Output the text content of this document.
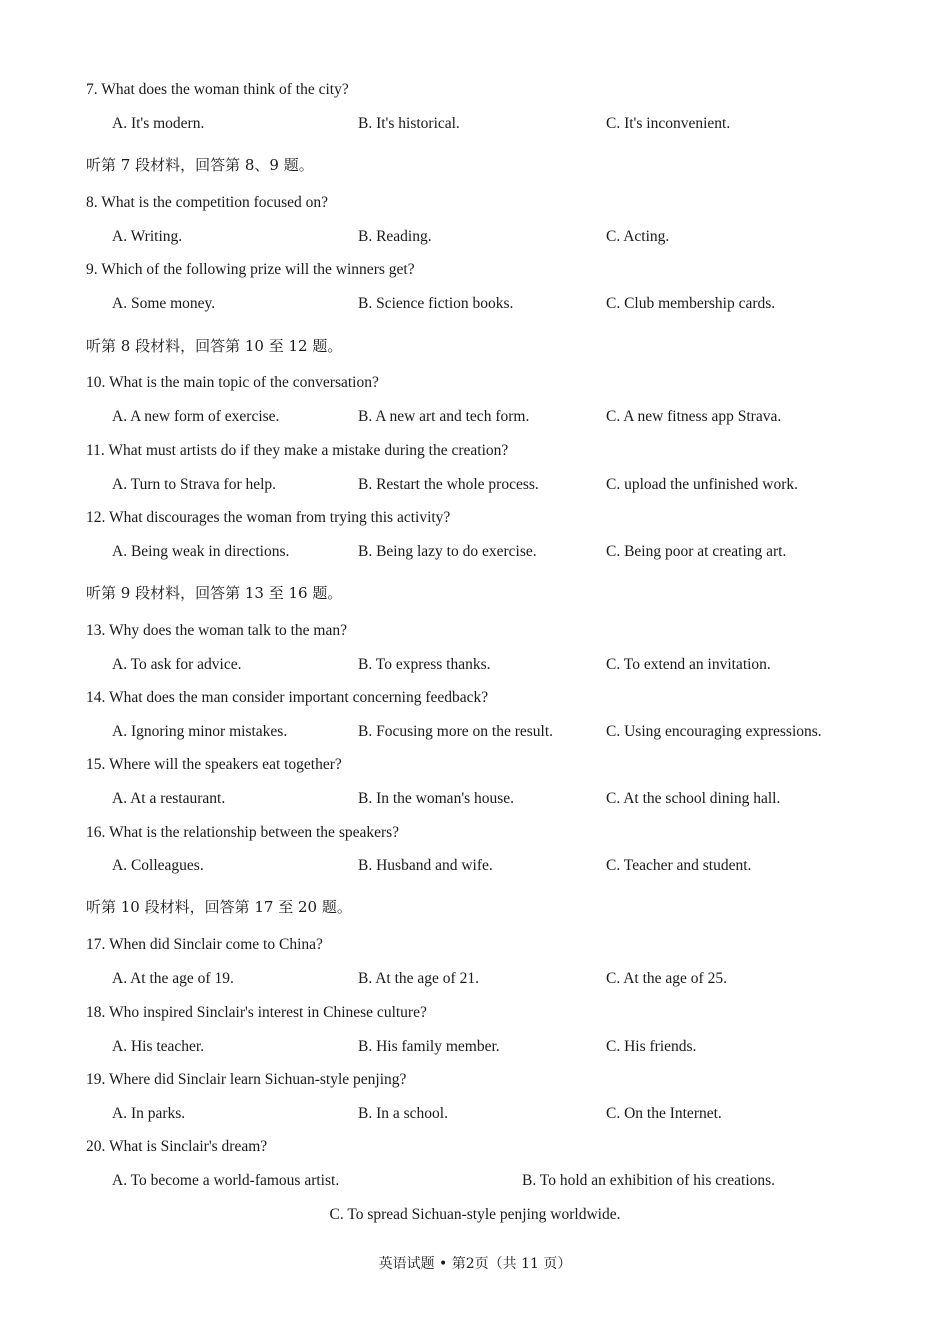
7. What does the woman think of the city?
A. It's modern.	B. It's historical.	C. It's inconvenient.
听第 7 段材料，回答第 8、9 题。
8. What is the competition focused on?
A. Writing.	B. Reading.	C. Acting.
9. Which of the following prize will the winners get?
A. Some money.	B. Science fiction books.	C. Club membership cards.
听第 8 段材料，回答第 10 至 12 题。
10. What is the main topic of the conversation?
A. A new form of exercise.	B. A new art and tech form.	C. A new fitness app Strava.
11. What must artists do if they make a mistake during the creation?
A. Turn to Strava for help.	B. Restart the whole process.	C. upload the unfinished work.
12. What discourages the woman from trying this activity?
A. Being weak in directions.	B. Being lazy to do exercise.	C. Being poor at creating art.
听第 9 段材料，回答第 13 至 16 题。
13. Why does the woman talk to the man?
A. To ask for advice.	B. To express thanks.	C. To extend an invitation.
14. What does the man consider important concerning feedback?
A. Ignoring minor mistakes.	B. Focusing more on the result.	C. Using encouraging expressions.
15. Where will the speakers eat together?
A. At a restaurant.	B. In the woman's house.	C. At the school dining hall.
16. What is the relationship between the speakers?
A. Colleagues.	B. Husband and wife.	C. Teacher and student.
听第 10 段材料，回答第 17 至 20 题。
17. When did Sinclair come to China?
A. At the age of 19.	B. At the age of 21.	C. At the age of 25.
18. Who inspired Sinclair's interest in Chinese culture?
A. His teacher.	B. His family member.	C. His friends.
19. Where did Sinclair learn Sichuan-style penjing?
A. In parks.	B. In a school.	C. On the Internet.
20. What is Sinclair's dream?
A. To become a world-famous artist.	B. To hold an exhibition of his creations.
C. To spread Sichuan-style penjing worldwide.
英语试题 • 第2页（共 11 页）
